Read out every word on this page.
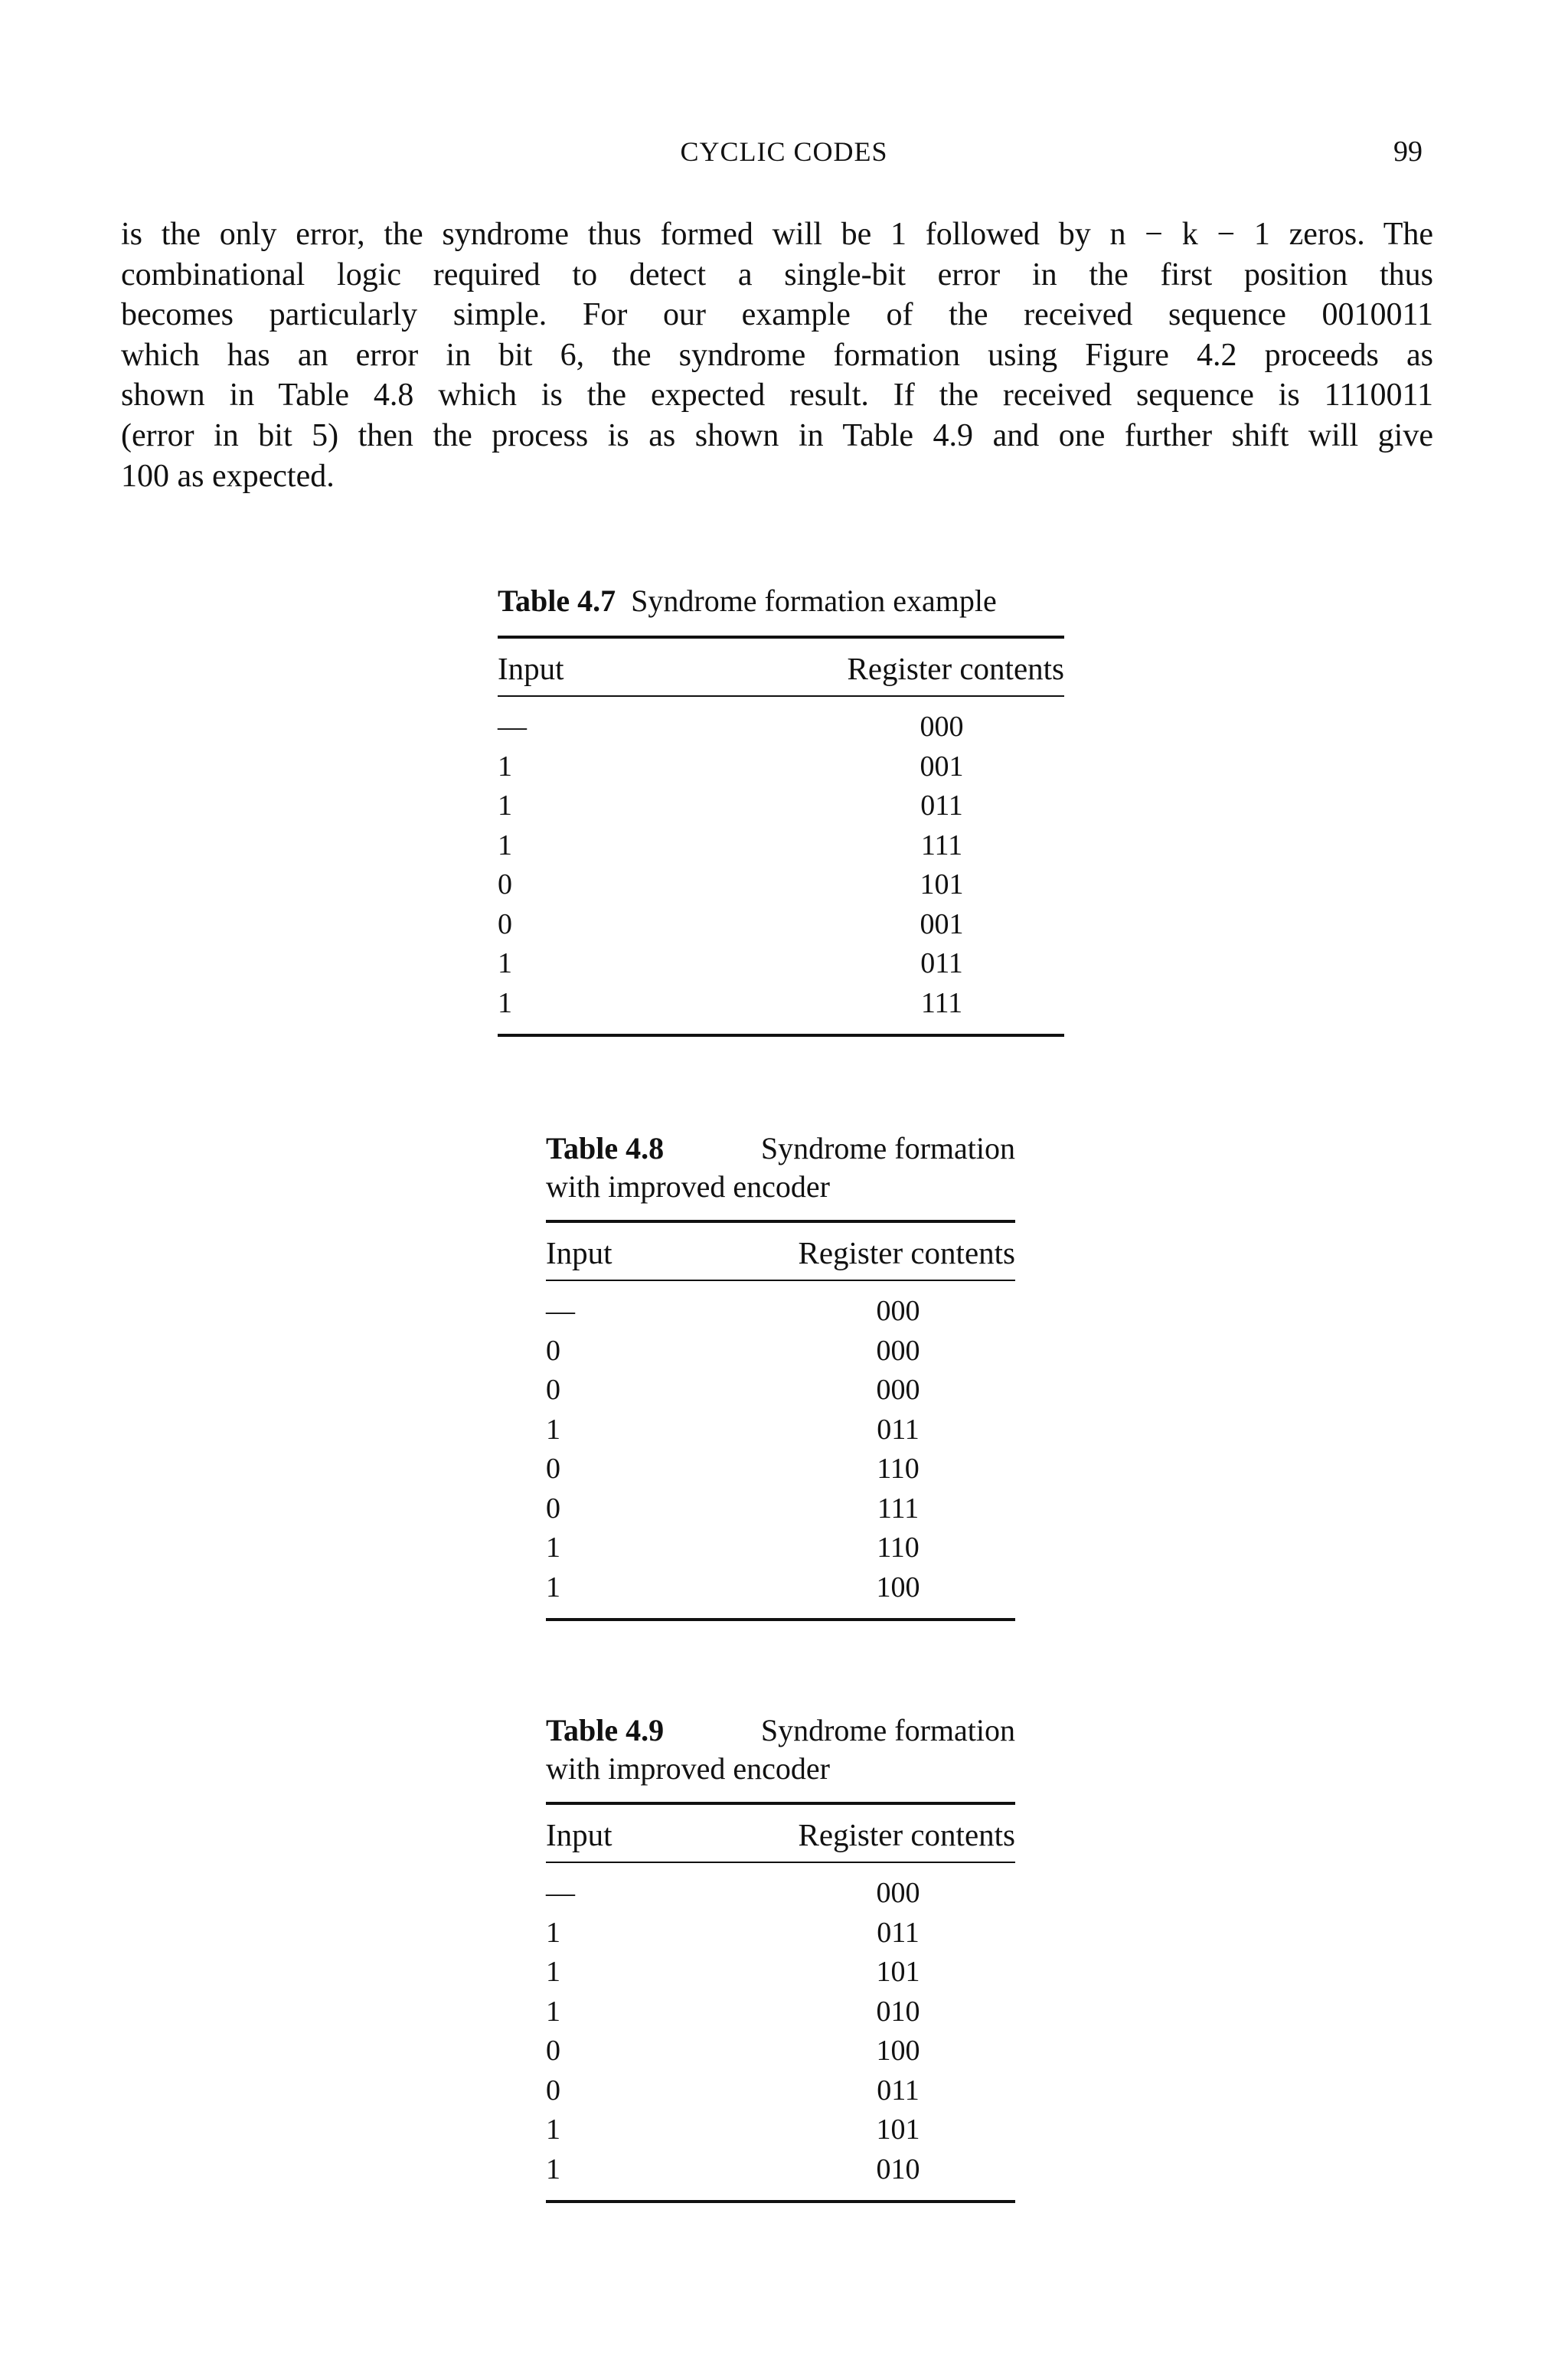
CYCLIC CODES	99
is the only error, the syndrome thus formed will be 1 followed by n − k − 1 zeros. The
combinational logic required to detect a single-bit error in the first position thus
becomes particularly simple. For our example of the received sequence 0010011
which has an error in bit 6, the syndrome formation using Figure 4.2 proceeds as
shown in Table 4.8 which is the expected result. If the received sequence is 1110011
(error in bit 5) then the process is as shown in Table 4.9 and one further shift will give
100 as expected.
Table 4.7 Syndrome formation example
Input	Register contents
—	000
1	001
1	011
1	111
0	101
0	001
1	011
1	111
Table 4.8	Syndrome formation
with improved encoder
Input	Register contents
—	000
0	000
0	000
1	011
0	110
0	111
1	110
1	100
Table 4.9	Syndrome formation
with improved encoder
Input	Register contents
—	000
1	011
1	101
1	010
0	100
0	011
1	101
1	010
